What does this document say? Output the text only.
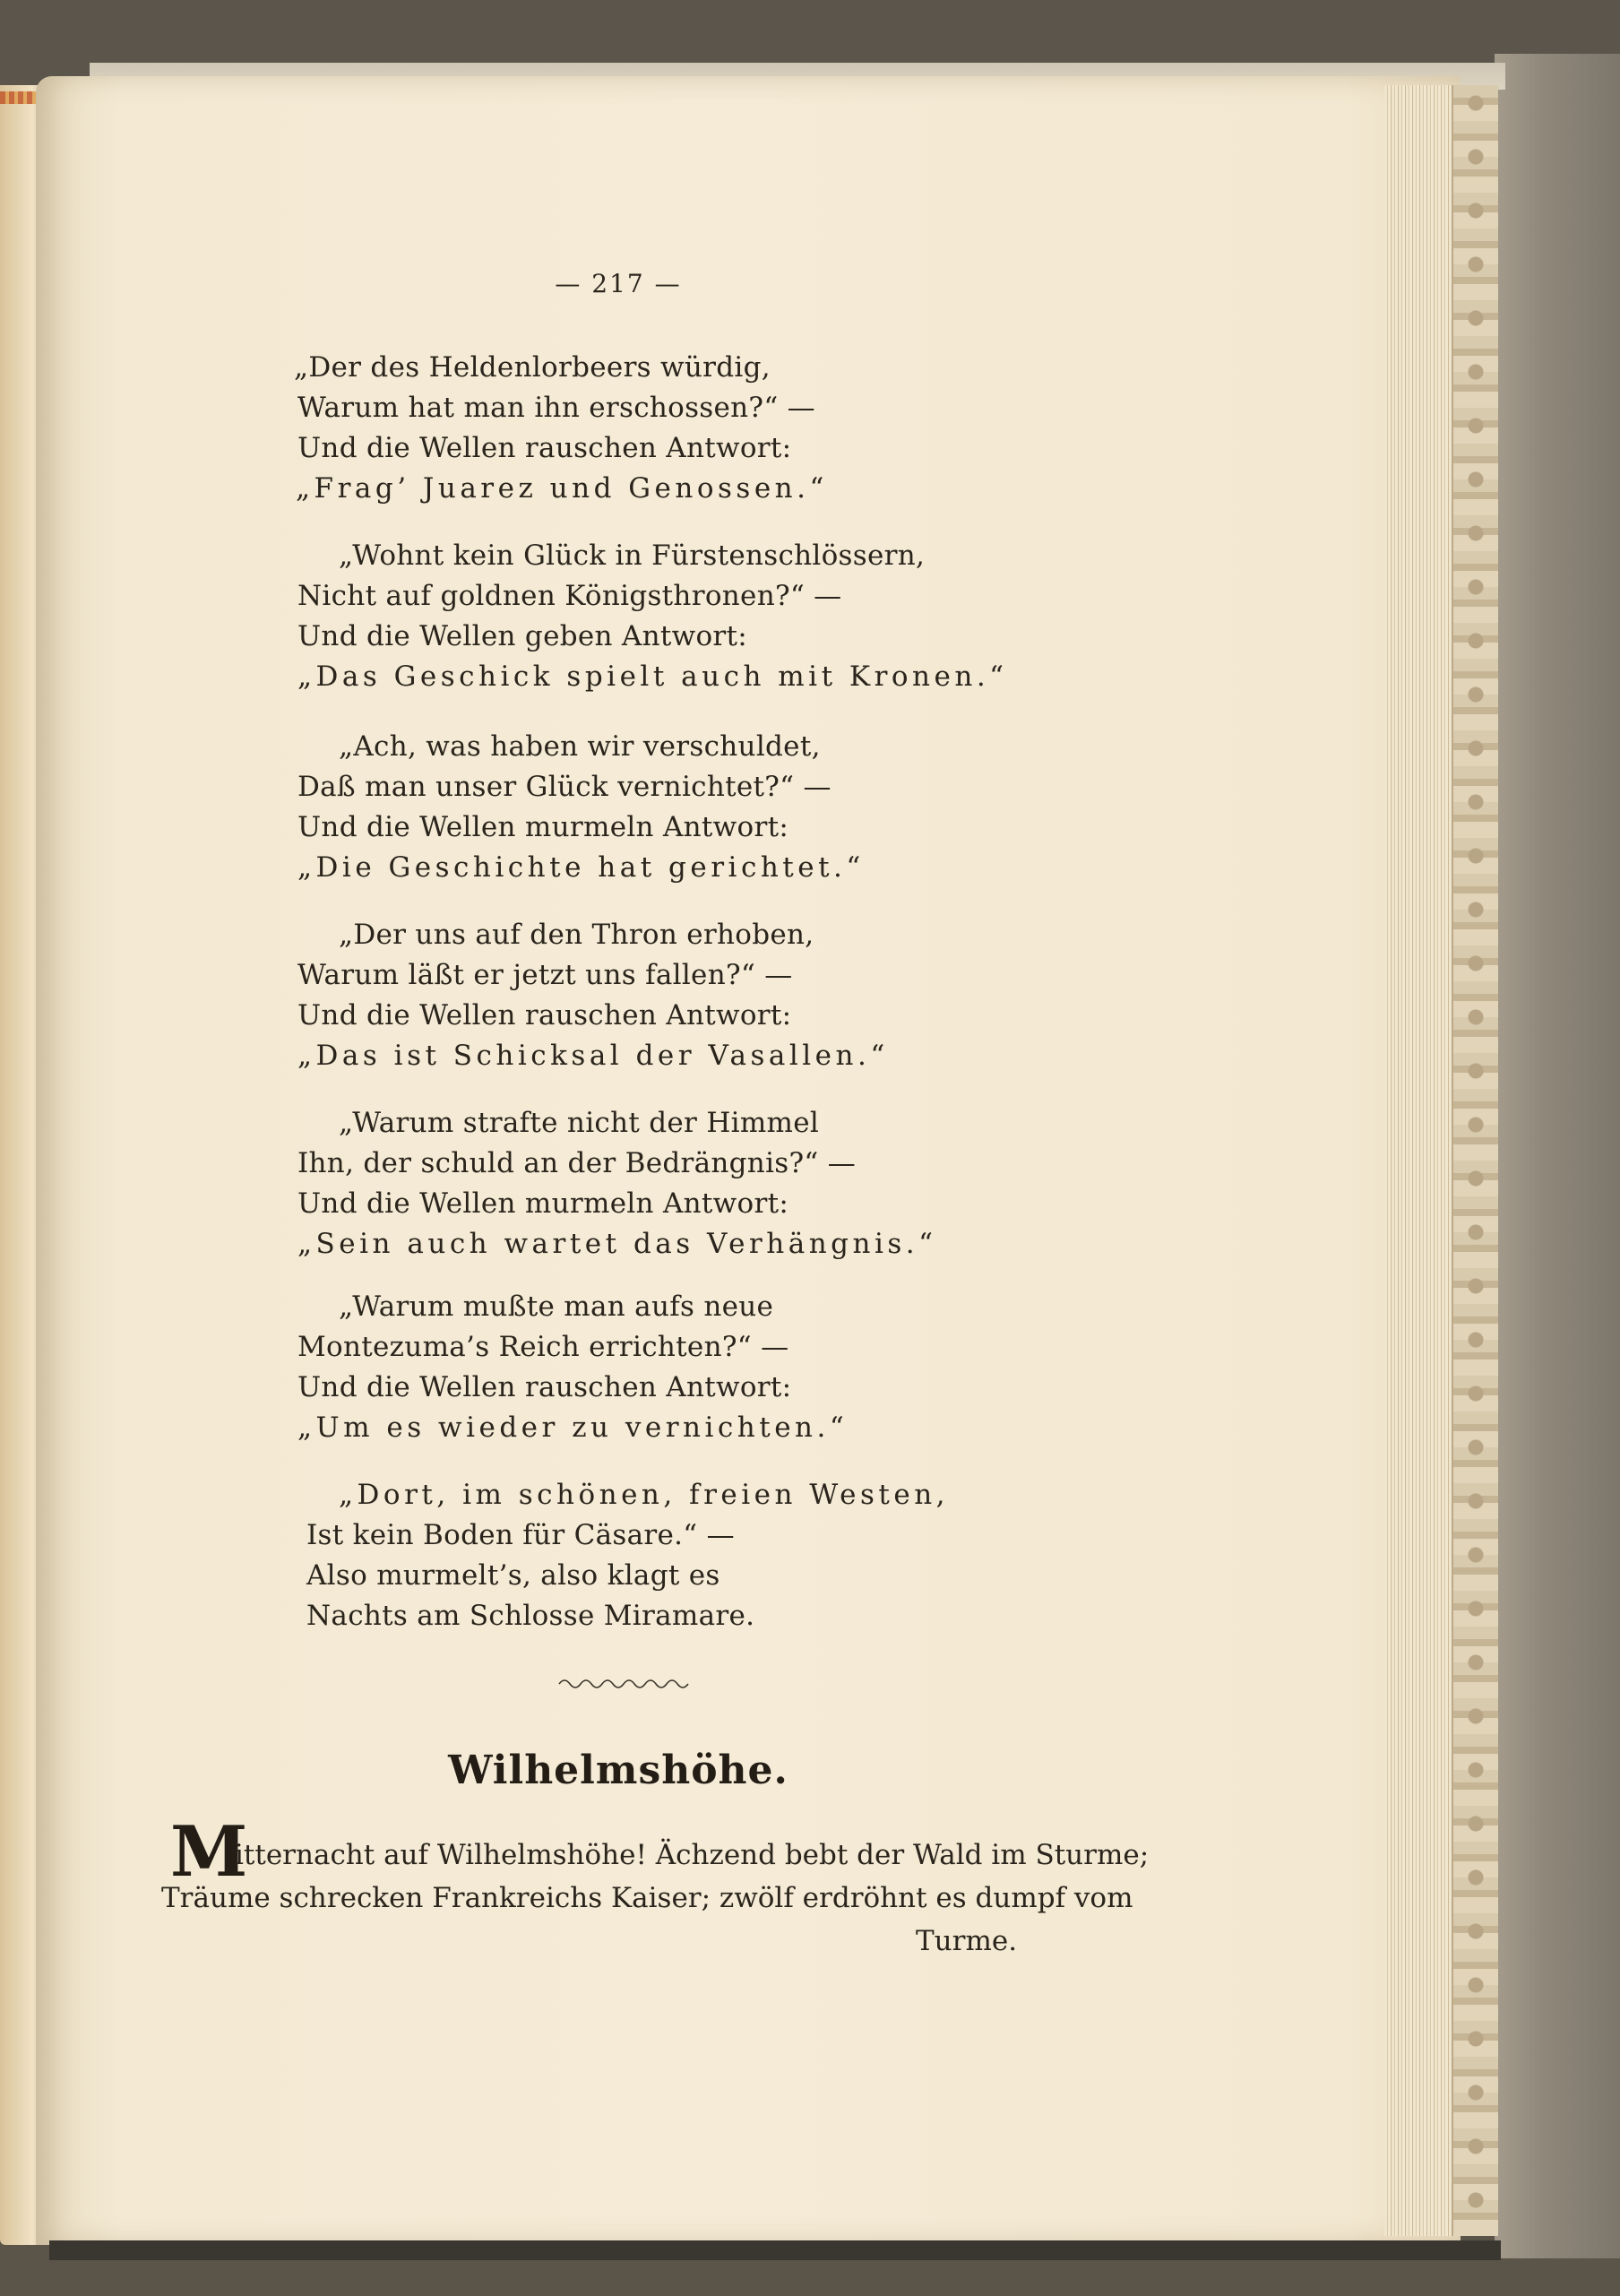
— 217 —
„Der des Heldenlorbeers würdig,
Warum hat man ihn erschossen?“ —
Und die Wellen rauschen Antwort:
„Frag’ Juarez und Genossen.“
„Wohnt kein Glück in Fürstenschlössern,
Nicht auf goldnen Königsthronen?“ —
Und die Wellen geben Antwort:
„Das Geschick spielt auch mit Kronen.“
„Ach, was haben wir verschuldet,
Daß man unser Glück vernichtet?“ —
Und die Wellen murmeln Antwort:
„Die Geschichte hat gerichtet.“
„Der uns auf den Thron erhoben,
Warum läßt er jetzt uns fallen?“ —
Und die Wellen rauschen Antwort:
„Das ist Schicksal der Vasallen.“
„Warum strafte nicht der Himmel
Ihn, der schuld an der Bedrängnis?“ —
Und die Wellen murmeln Antwort:
„Sein auch wartet das Verhängnis.“
„Warum mußte man aufs neue
Montezuma’s Reich errichten?“ —
Und die Wellen rauschen Antwort:
„Um es wieder zu vernichten.“
„Dort, im schönen, freien Westen,
Ist kein Boden für Cäsare.“ —
Also murmelt’s, also klagt es
Nachts am Schlosse Miramare.
Wilhelmshöhe.
M
itternacht auf Wilhelmshöhe! Ächzend bebt der Wald im Sturme;
Träume schrecken Frankreichs Kaiser; zwölf erdröhnt es dumpf vom
Turme.
